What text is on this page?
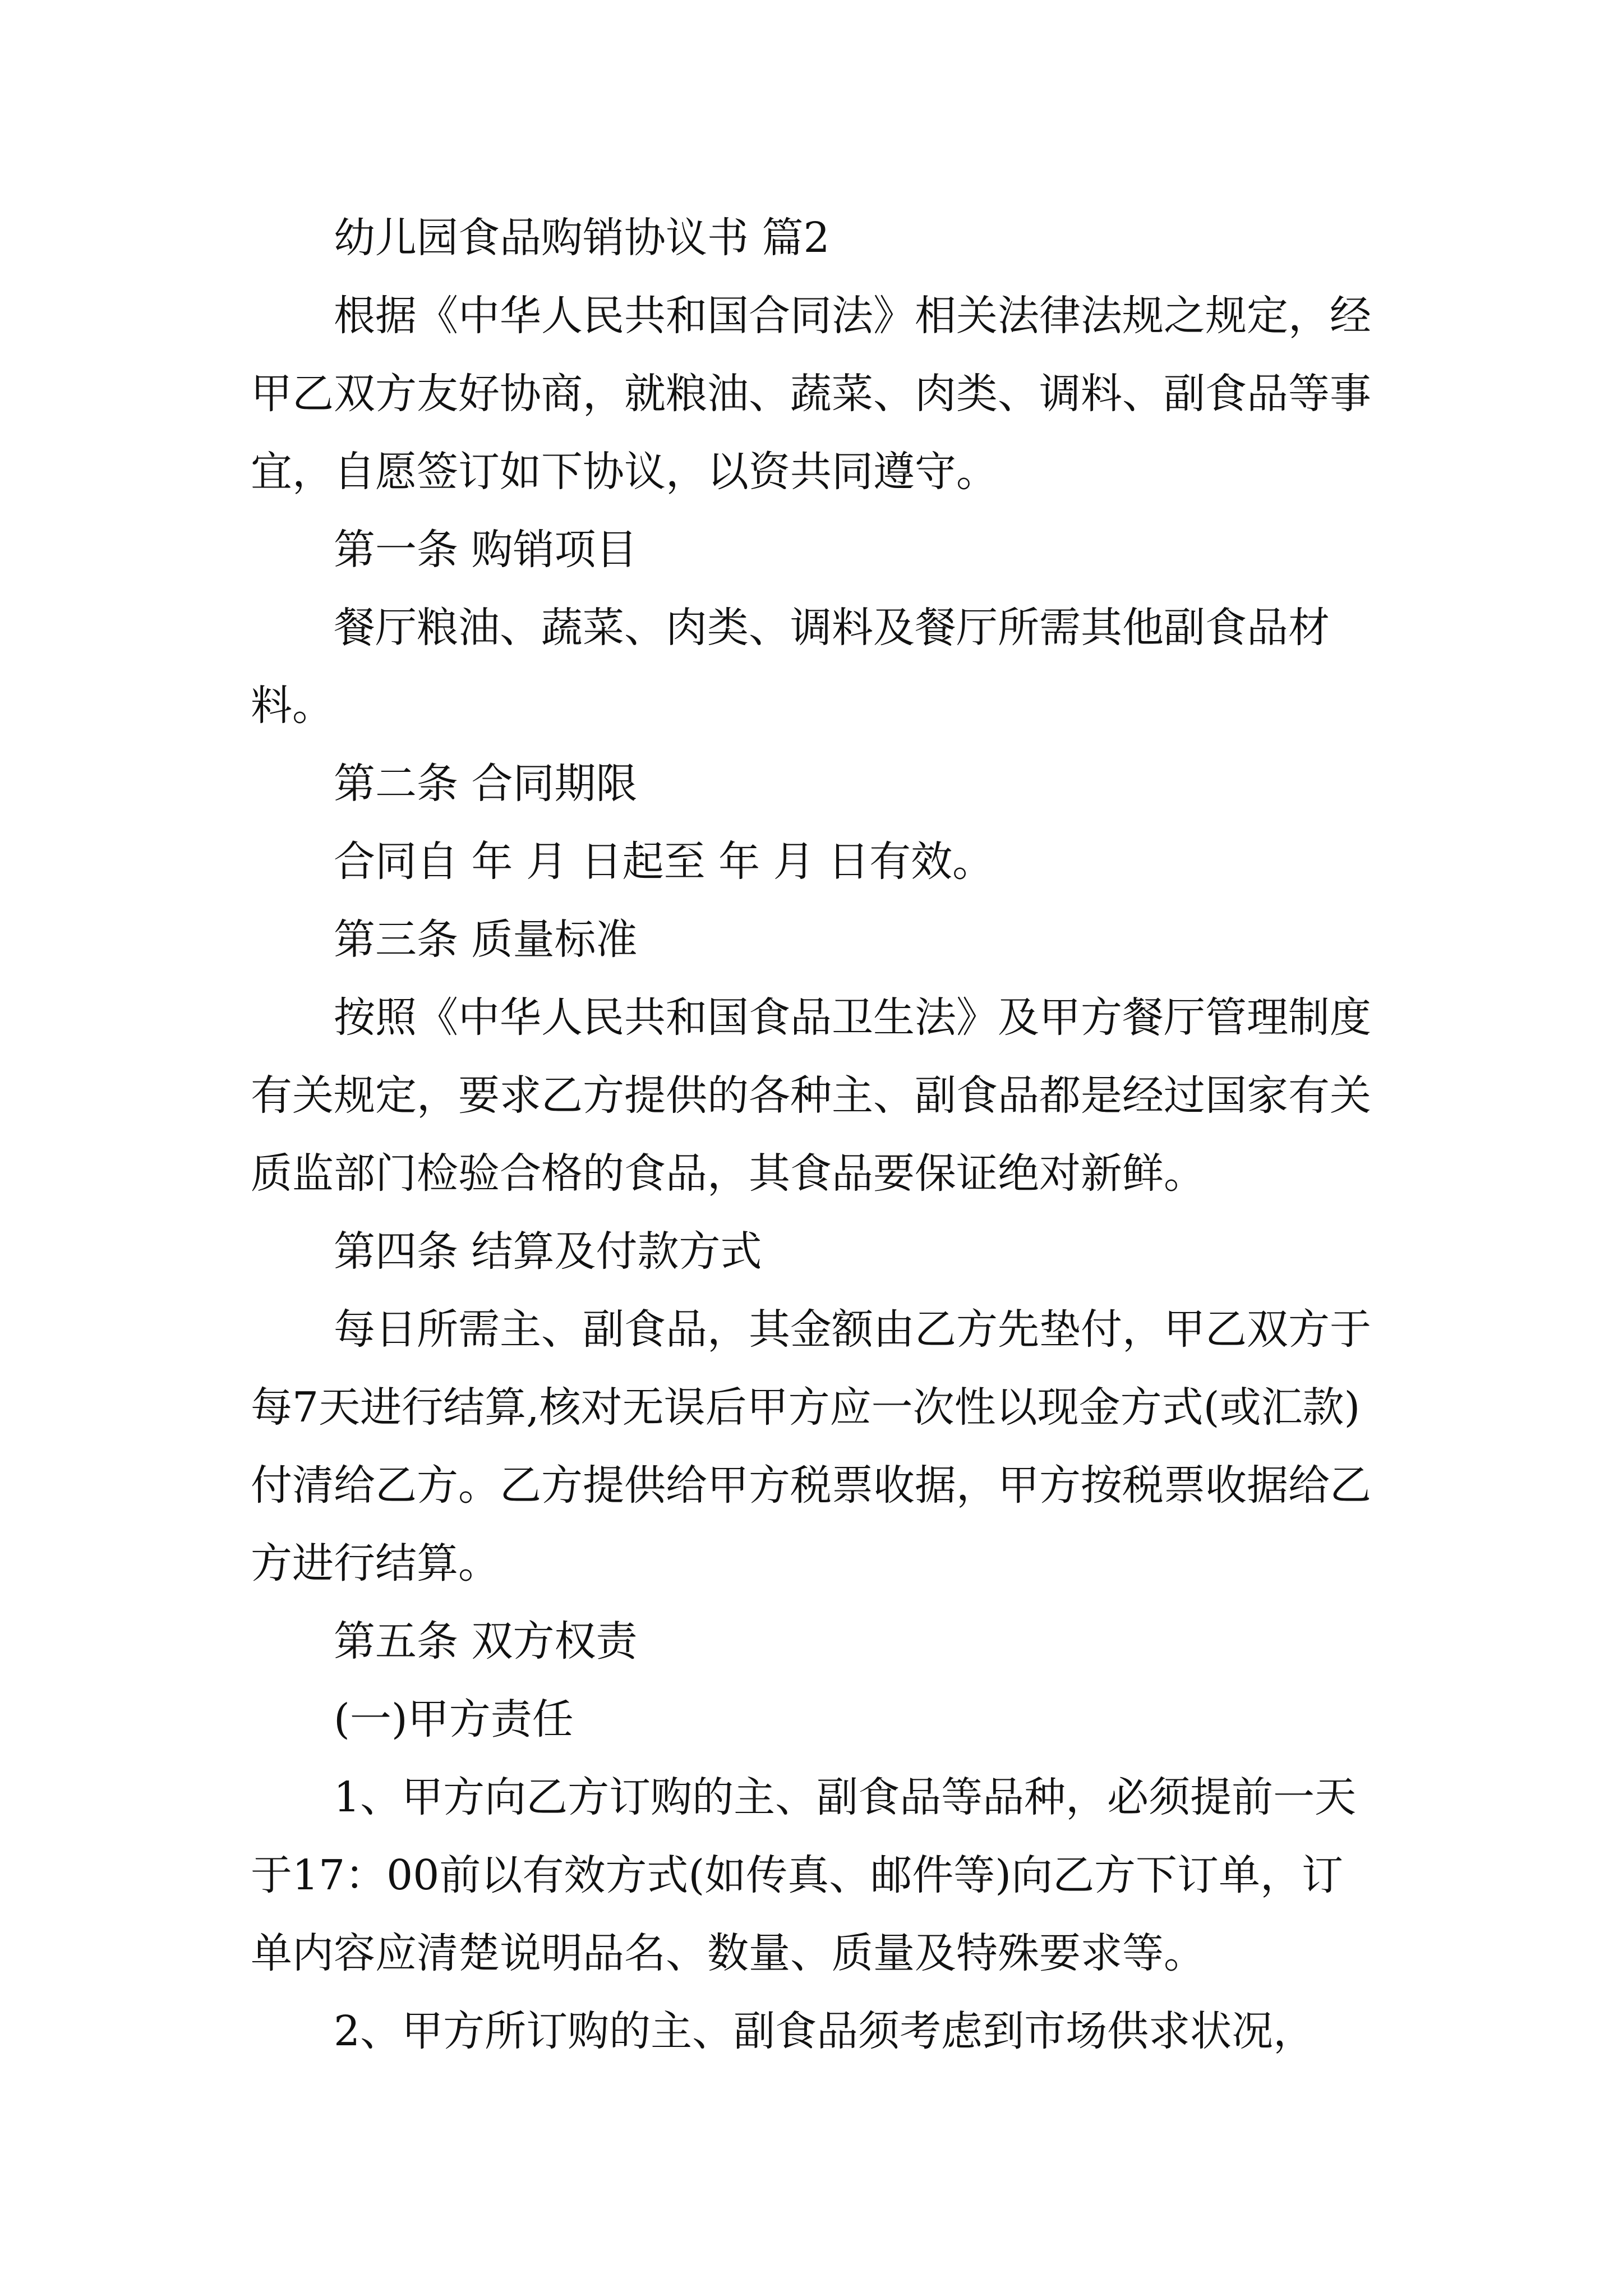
幼儿园食品购销协议书 篇2

根据《中华人民共和国合同法》相关法律法规之规定，经甲乙双方友好协商，就粮油、蔬菜、肉类、调料、副食品等事宜，自愿签订如下协议，以资共同遵守。

第一条 购销项目

餐厅粮油、蔬菜、肉类、调料及餐厅所需其他副食品材料。

第二条 合同期限

合同自 年 月 日起至 年 月 日有效。

第三条 质量标准

按照《中华人民共和国食品卫生法》及甲方餐厅管理制度有关规定，要求乙方提供的各种主、副食品都是经过国家有关质监部门检验合格的食品，其食品要保证绝对新鲜。

第四条 结算及付款方式

每日所需主、副食品，其金额由乙方先垫付，甲乙双方于每7天进行结算,核对无误后甲方应一次性以现金方式(或汇款)付清给乙方。乙方提供给甲方税票收据，甲方按税票收据给乙方进行结算。

第五条 双方权责

(一)甲方责任

1、甲方向乙方订购的主、副食品等品种，必须提前一天于17：00前以有效方式(如传真、邮件等)向乙方下订单，订单内容应清楚说明品名、数量、质量及特殊要求等。

2、甲方所订购的主、副食品须考虑到市场供求状况，
